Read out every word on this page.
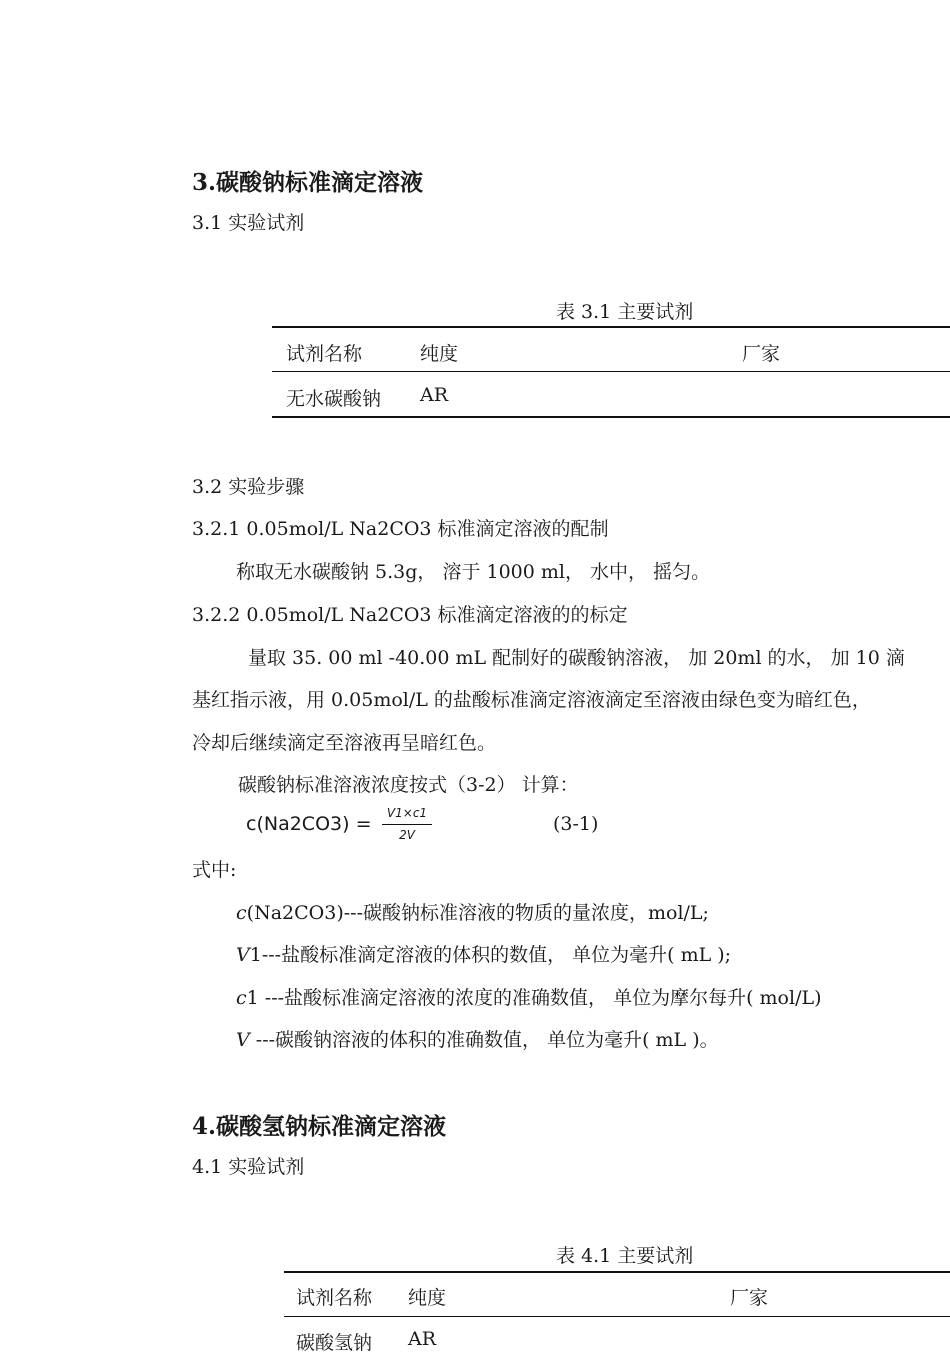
3.碳酸钠标准滴定溶液
3.1 实验试剂
表 3.1 主要试剂
试剂名称	纯度	厂家
无水碳酸钠 AR
3.2 实验步骤
3.2.1 0.05mol/L Na2CO3 标准滴定溶液的配制
称取无水碳酸钠 5.3g， 溶于 1000 ml， 水中， 摇匀。
3.2.2 0.05mol/L Na2CO3 标准滴定溶液的的标定
量取 35. 00 ml -40.00 mL 配制好的碳酸钠溶液， 加 20ml 的水， 加 10 滴
基红指示液，用 0.05mol/L 的盐酸标准滴定溶液滴定至溶液由绿色变为暗红色，
冷却后继续滴定至溶液再呈暗红色。
碳酸钠标准溶液浓度按式（3-2） 计算：
c(Na2CO3) =	V1×c1
2V	(3-1)
式中:
c(Na2CO3)---碳酸钠标准溶液的物质的量浓度，mol/L;
V1---盐酸标准滴定溶液的体积的数值， 单位为毫升( mL );
c1 ---盐酸标准滴定溶液的浓度的准确数值， 单位为摩尔每升( mol/L)
V ---碳酸钠溶液的体积的准确数值， 单位为毫升( mL )。
4.碳酸氢钠标准滴定溶液
4.1 实验试剂
表 4.1 主要试剂
试剂名称 纯度	厂家
碳酸氢钠 AR
